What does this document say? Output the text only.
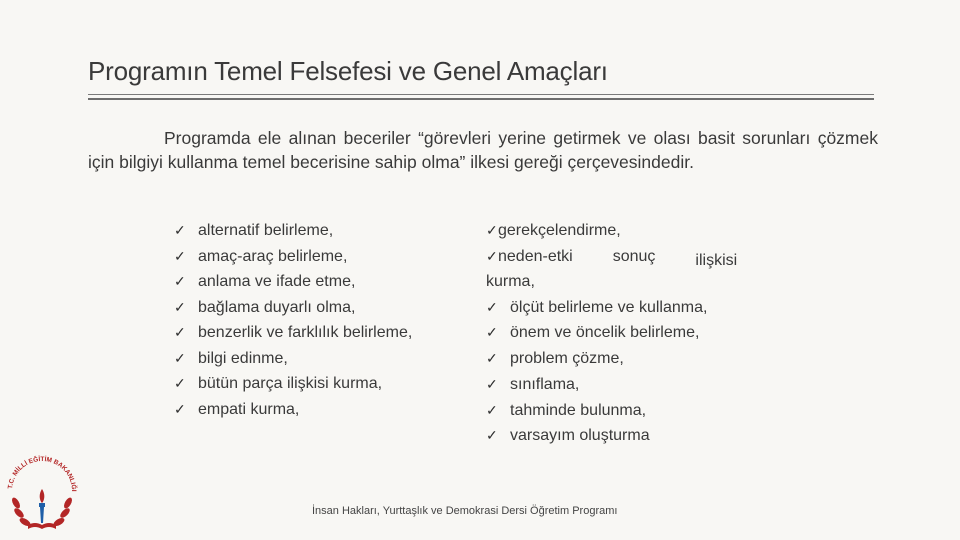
Programın Temel Felsefesi ve Genel Amaçları

Programda ele alınan beceriler “görevleri yerine getirmek ve olası basit sorunları çözmek için bilgiyi kullanma temel becerisine sahip olma” ilkesi gereği çerçevesindedir.

✓ alternatif belirleme,
✓ amaç-araç belirleme,
✓ anlama ve ifade etme,
✓ bağlama duyarlı olma,
✓ benzerlik ve farklılık belirleme,
✓ bilgi edinme,
✓ bütün parça ilişkisi kurma,
✓ empati kurma,
✓gerekçelendirme,
✓neden-etki	sonuç	ilişkisi
kurma,
✓ ölçüt belirleme ve kullanma,
✓ önem ve öncelik belirleme,
✓ problem çözme,
✓ sınıflama,
✓ tahminde bulunma,
✓ varsayım oluşturma
İnsan Hakları, Yurttaşlık ve Demokrasi Dersi Öğretim Programı
T.C. MİLLİ EĞİTİM BAKANLIĞI
